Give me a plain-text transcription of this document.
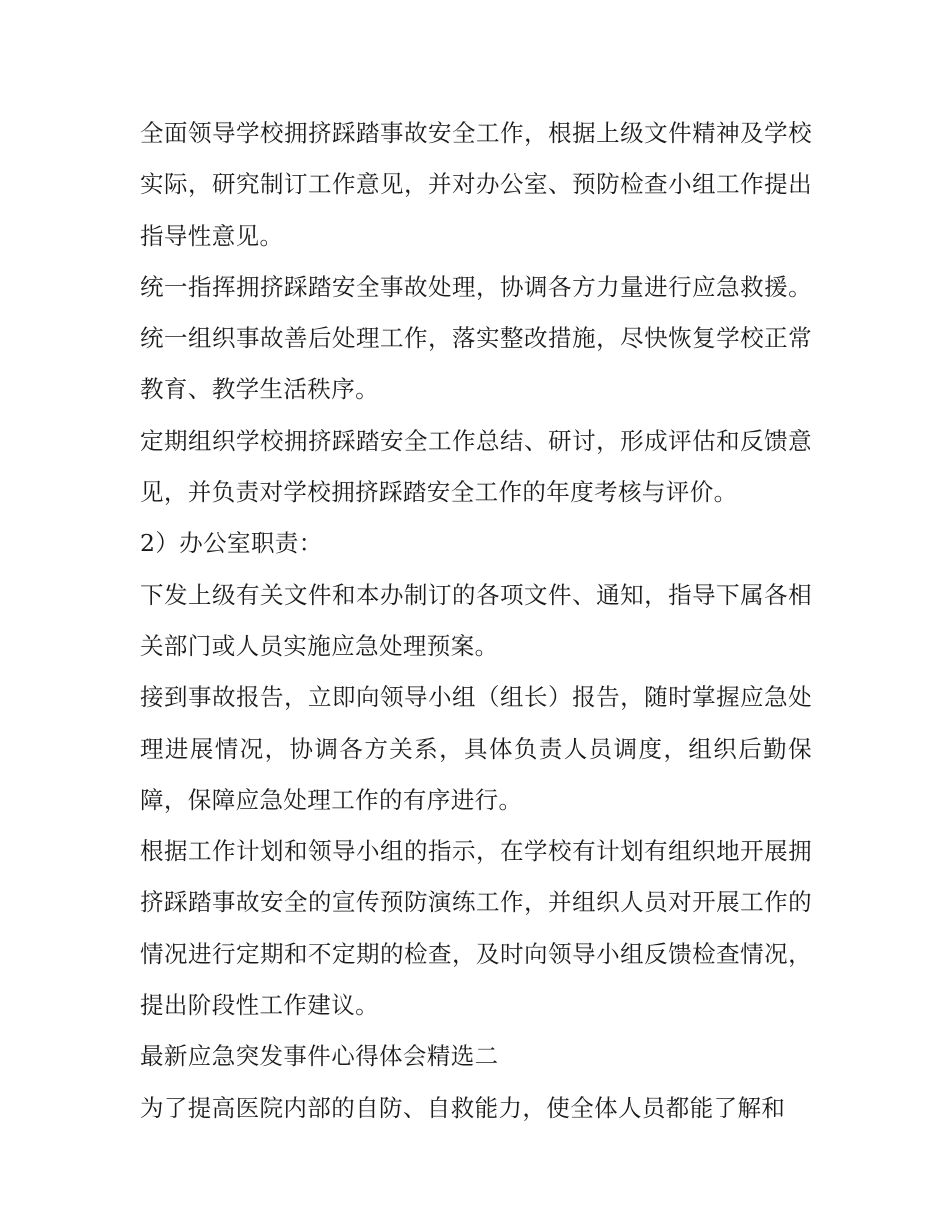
全面领导学校拥挤踩踏事故安全工作，根据上级文件精神及学校实际，研究制订工作意见，并对办公室、预防检查小组工作提出指导性意见。

统一指挥拥挤踩踏安全事故处理，协调各方力量进行应急救援。统一组织事故善后处理工作，落实整改措施，尽快恢复学校正常教育、教学生活秩序。

定期组织学校拥挤踩踏安全工作总结、研讨，形成评估和反馈意见，并负责对学校拥挤踩踏安全工作的年度考核与评价。

2）办公室职责：

下发上级有关文件和本办制订的各项文件、通知，指导下属各相关部门或人员实施应急处理预案。

接到事故报告，立即向领导小组（组长）报告，随时掌握应急处理进展情况，协调各方关系，具体负责人员调度，组织后勤保障，保障应急处理工作的有序进行。

根据工作计划和领导小组的指示，在学校有计划有组织地开展拥挤踩踏事故安全的宣传预防演练工作，并组织人员对开展工作的情况进行定期和不定期的检查，及时向领导小组反馈检查情况，提出阶段性工作建议。

最新应急突发事件心得体会精选二

为了提高医院内部的自防、自救能力，使全体人员都能了解和
